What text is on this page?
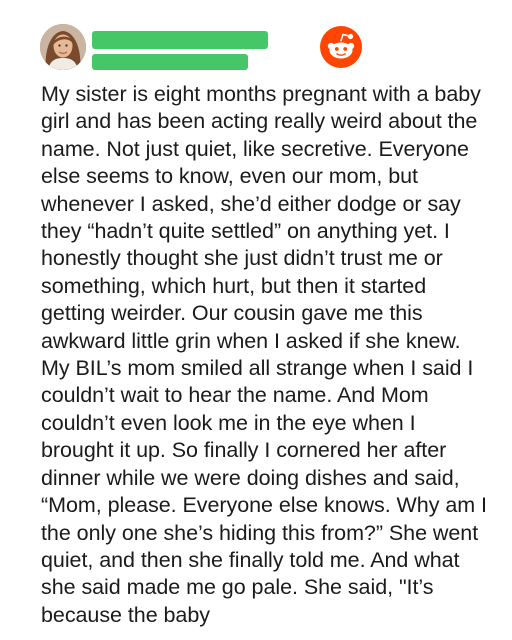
My sister is eight months pregnant with a baby girl and has been acting really weird about the name. Not just quiet, like secretive. Everyone else seems to know, even our mom, but whenever I asked, she’d either dodge or say they “hadn’t quite settled” on anything yet. I honestly thought she just didn’t trust me or something, which hurt, but then it started getting weirder. Our cousin gave me this awkward little grin when I asked if she knew. My BIL’s mom smiled all strange when I said I couldn’t wait to hear the name. And Mom couldn’t even look me in the eye when I brought it up. So finally I cornered her after dinner while we were doing dishes and said, “Mom, please. Everyone else knows. Why am I the only one she’s hiding this from?” She went quiet, and then she finally told me. And what she said made me go pale. She said, "It’s because the baby
